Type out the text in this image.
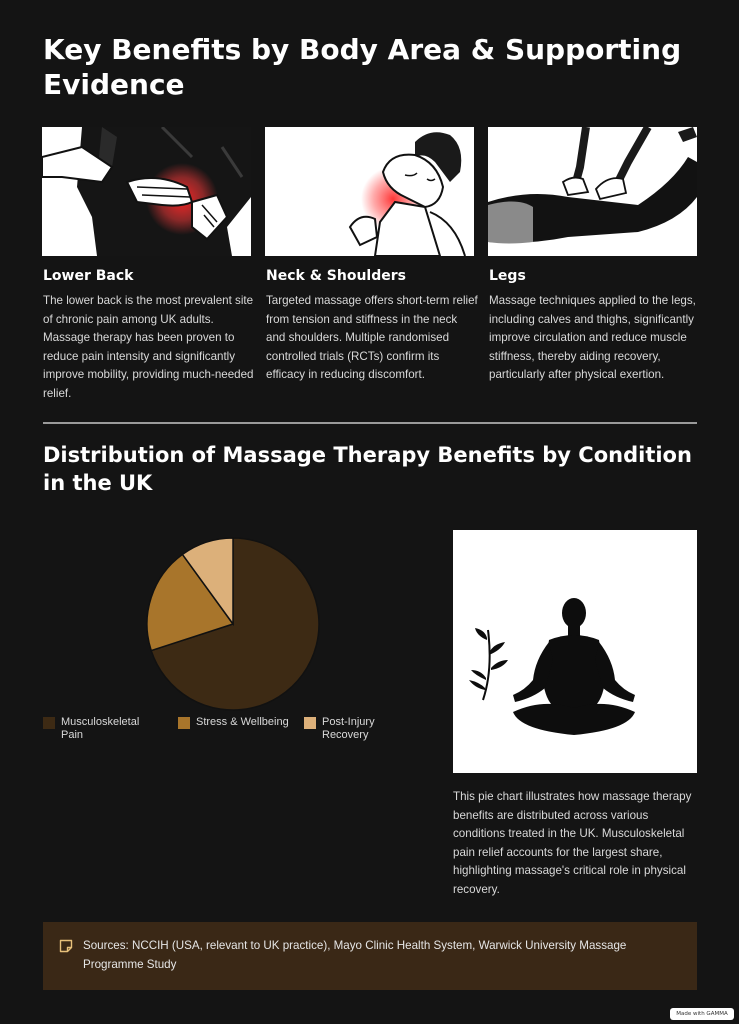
Key Benefits by Body Area & Supporting Evidence
Lower Back
The lower back is the most prevalent site of chronic pain among UK adults. Massage therapy has been proven to reduce pain intensity and significantly improve mobility, providing much-needed relief.
Neck & Shoulders
Targeted massage offers short-term relief from tension and stiffness in the neck and shoulders. Multiple randomised controlled trials (RCTs) confirm its efficacy in reducing discomfort.
Legs
Massage techniques applied to the legs, including calves and thighs, significantly improve circulation and reduce muscle stiffness, thereby aiding recovery, particularly after physical exertion.
Distribution of Massage Therapy Benefits by Condition in the UK
Musculoskeletal Pain
Stress & Wellbeing	Post-Injury Recovery
This pie chart illustrates how massage therapy benefits are distributed across various conditions treated in the UK. Musculoskeletal pain relief accounts for the largest share, highlighting massage's critical role in physical recovery.
Sources: NCCIH (USA, relevant to UK practice), Mayo Clinic Health System, Warwick University Massage Programme Study
Made with GAMMA
